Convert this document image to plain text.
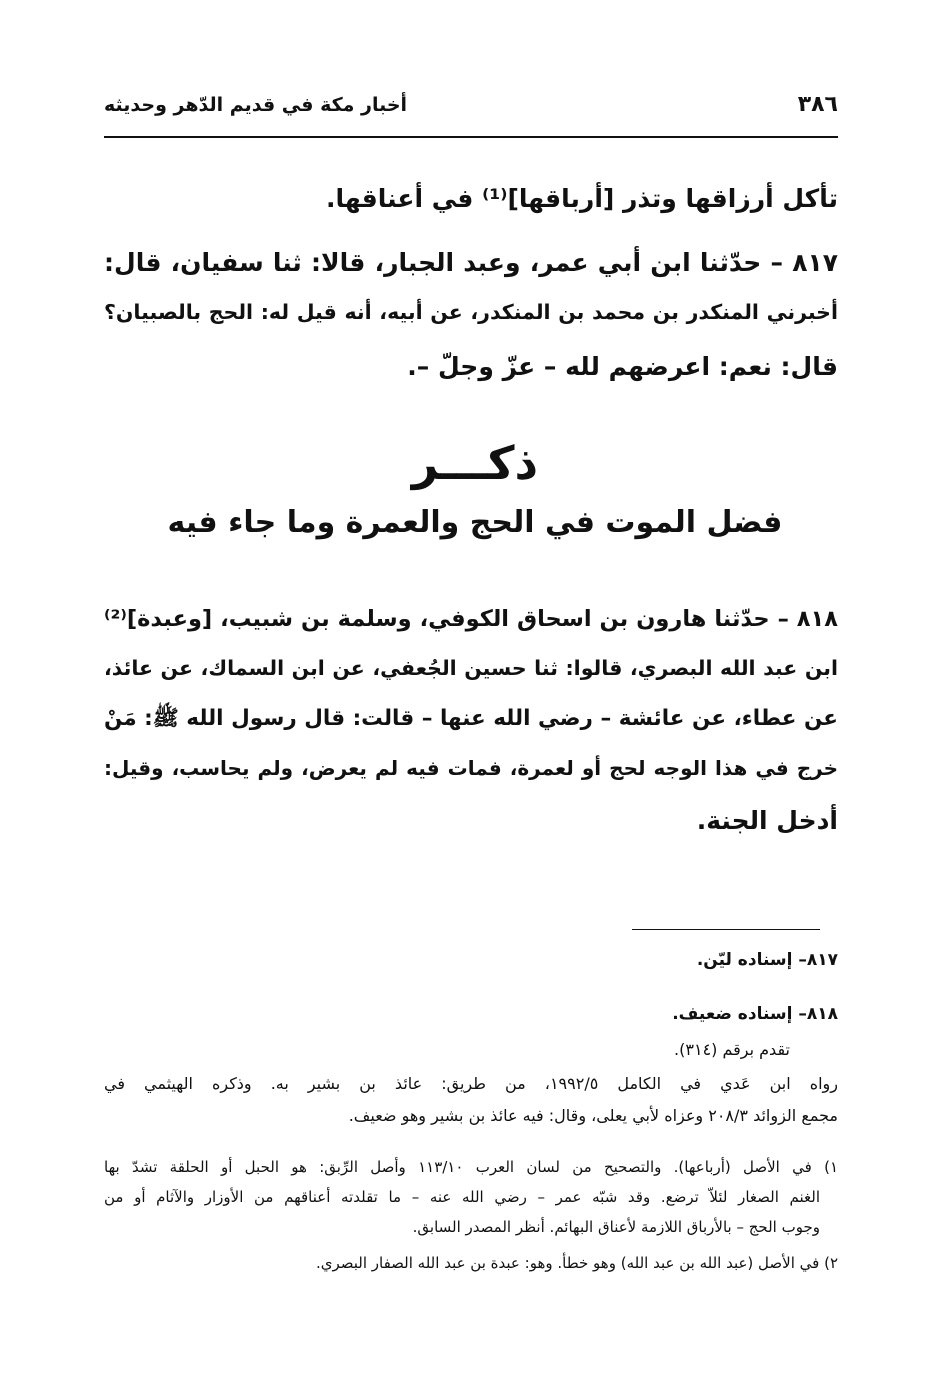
٣٨٦
أخبار مكة في قديم الدّهر وحديثه
تأكل أرزاقها وتذر [أرباقها]⁽¹⁾ في أعناقها.
٨١٧ – حدّثنا ابن أبي عمر، وعبد الجبار، قالا: ثنا سفيان، قال:
أخبرني المنكدر بن محمد بن المنكدر، عن أبيه، أنه قيل له: الحج بالصبيان؟
قال: نعم: اعرضهم لله – عزّ وجلّ –.
ذكـــر
فضل الموت في الحج والعمرة وما جاء فيه
٨١٨ – حدّثنا هارون بن اسحاق الكوفي، وسلمة بن شبيب، [وعبدة]⁽²⁾
ابن عبد الله البصري، قالوا: ثنا حسين الجُعفي، عن ابن السماك، عن عائذ،
عن عطاء، عن عائشة – رضي الله عنها – قالت: قال رسول الله ﷺ: مَنْ
خرج في هذا الوجه لحج أو لعمرة، فمات فيه لم يعرض، ولم يحاسب، وقيل:
أدخل الجنة.
٨١٧– إسناده ليّن.
٨١٨– إسناده ضعيف.
تقدم برقم (٣١٤).
رواه ابن عَدي في الكامل ١٩٩٢/٥، من طريق: عائذ بن بشير به. وذكره الهيثمي في
مجمع الزوائد ٢٠٨/٣ وعزاه لأبي يعلى، وقال: فيه عائذ بن بشير وهو ضعيف.
١) في الأصل (أرباعها). والتصحيح من لسان العرب ١١٣/١٠ وأصل الرِّبق: هو الحبل أو الحلقة تشدّ بها
الغنم الصغار لئلاّ ترضع. وقد شبّه عمر – رضي الله عنه – ما تقلدته أعناقهم من الأوزار والآثام أو من
وجوب الحج – بالأرباق اللازمة لأعناق البهائم. أنظر المصدر السابق.
٢) في الأصل (عبد الله بن عبد الله) وهو خطأ. وهو: عبدة بن عبد الله الصفار البصري.
